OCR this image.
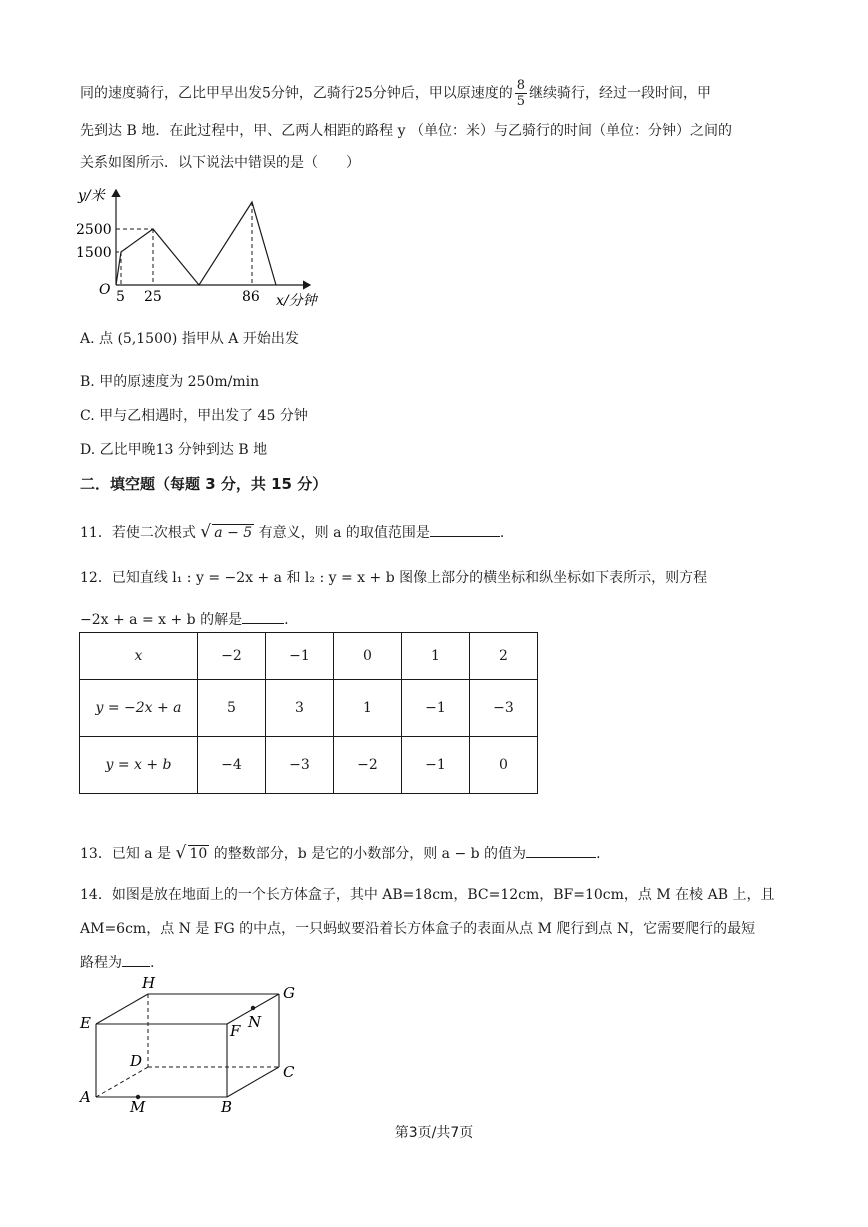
同的速度骑行，乙比甲早出发5分钟，乙骑行25分钟后，甲以原速度的 $\frac{8}{5}$ 继续骑行，经过一段时间，甲
先到达 B 地．在此过程中，甲、乙两人相距的路程 y （单位：米）与乙骑行的时间（单位：分钟）之间的
关系如图所示．以下说法中错误的是（　　）
y/米
2500
1500
O 5 25	86 x/分钟
A. 点 (5,1500) 指甲从 A 开始出发
B. 甲的原速度为 250m/min
C. 甲与乙相遇时，甲出发了 45 分钟
D. 乙比甲晚13 分钟到达 B 地
二．填空题（每题 3 分，共 15 分）
11．若使二次根式 √ a − 5 有意义，则 a 的取值范围是	.
12．已知直线 l₁ : y = −2x + a 和 l₂ : y = x + b 图像上部分的横坐标和纵坐标如下表所示，则方程
−2x + a = x + b 的解是	.
x	−2	−1	0	1	2
y = −2x + a	5	3	1	−1	−3
y = x + b	−4	−3	−2	−1	0
13．已知 a 是 √ 10 的整数部分，b 是它的小数部分，则 a − b 的值为	.
14．如图是放在地面上的一个长方体盒子，其中 AB=18cm，BC=12cm，BF=10cm，点 M 在棱 AB 上，且
AM=6cm，点 N 是 FG 的中点，一只蚂蚁要沿着长方体盒子的表面从点 M 爬行到点 N，它需要爬行的最短
路程为 .
H
G
E	F N
D
C
A
M	B
第3页/共7页
